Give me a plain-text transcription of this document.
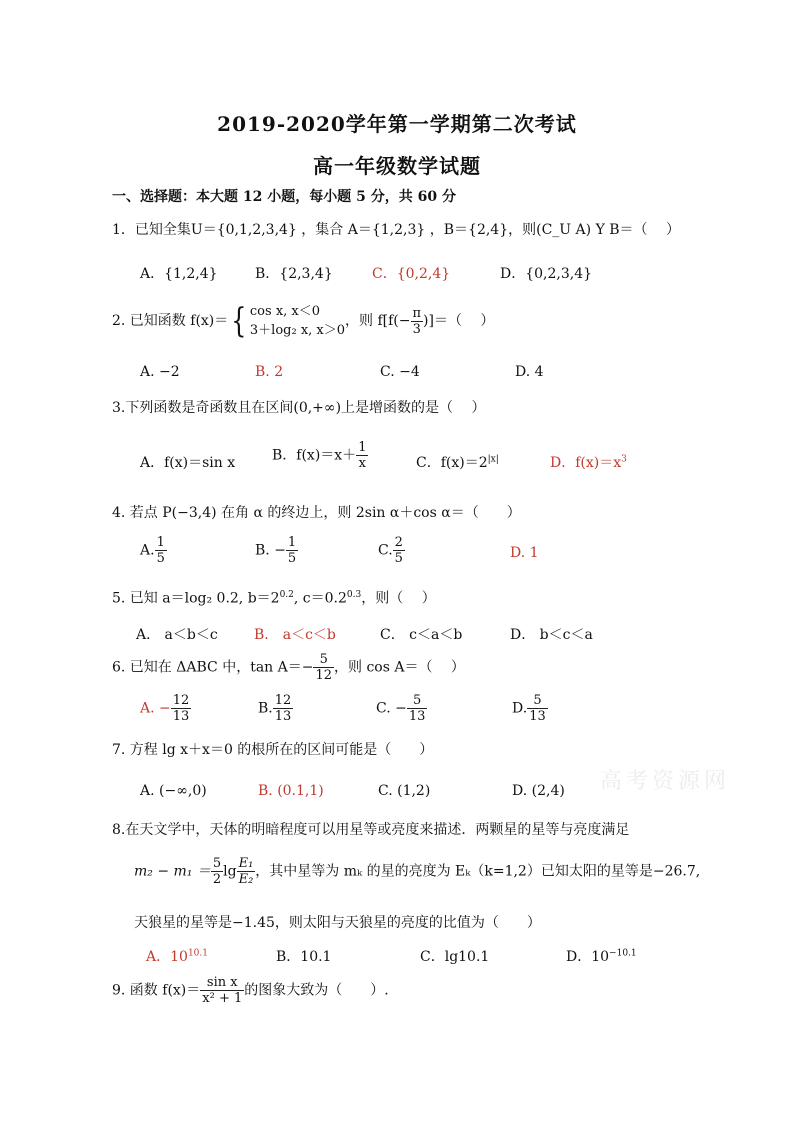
2019-2020学年第一学期第二次考试
高一年级数学试题
一、选择题：本大题 12 小题，每小题 5 分，共 60 分
1．已知全集U＝{0,1,2,3,4} ，集合 A＝{1,2,3} ，B＝{2,4}，则(C_U A) Y B＝（　 ）
A．{1,2,4}	B．{2,3,4}	C．{0,2,4}	D．{0,2,3,4}
2. 已知函数 f(x)＝{ cos x, x＜0
3＋log₂ x, x＞0
，则 $f[f(- \frac{\pi}{3}$ )]＝（　 ）
A. −2	B. 2	C. −4	D. 4
3.下列函数是奇函数且在区间(0,+∞)上是增函数的是（　 ）
A．f(x)＝sin x	B．$f(x)=x+ \frac{1}{x}$	C．$f(x)=2^{|x|}$	D．$f(x)=x^3$
4. 若点 P(−3,4) 在角 α 的终边上，则 2sin α＋cos α＝（　　）
A. $\frac{1}{5}$	B. − $\frac{1}{5}$	C. $\frac{2}{5}$	D. 1
5. 已知 a＝log₂ 0.2, $b=2^{0.2}$, $c=0.2^{0.3}$，则（　 ）
A． a＜b＜c	B． a＜c＜b	C． c＜a＜b	D． b＜c＜a
6. 已知在 ΔABC 中，$\tan A=- \frac{5}{12}$ ，则 cos A＝（　 ）
A. − $\frac{12}{13}$	B. $\frac{12}{13}$	C. − $\frac{5}{13}$	D. $\frac{5}{13}$
7. 方程 lg x＋x＝0 的根所在的区间可能是（　　）
A. (−∞,0)	B. (0.1,1)	C. (1,2)	D. (2,4) 高考资源网
8.在天文学中，天体的明暗程度可以用星等或亮度来描述．两颗星的星等与亮度满足
$m_2 - m_1 = \frac{5}{2}$ $\lg \frac{\text{E₁}}{\text{E₂}}$ ，其中星等为 mₖ 的星的亮度为 Eₖ（k=1,2）已知太阳的星等是−26.7,
天狼星的星等是−1.45，则太阳与天狼星的亮度的比值为（　　）
A．$10^{10.1}$	B．10.1	C．lg10.1	D．$10^{-10.1}$
9. 函数 $f(x)= \frac{\text{sin x}}{\text{x² + 1}}$ 的图象大致为（　　）.
